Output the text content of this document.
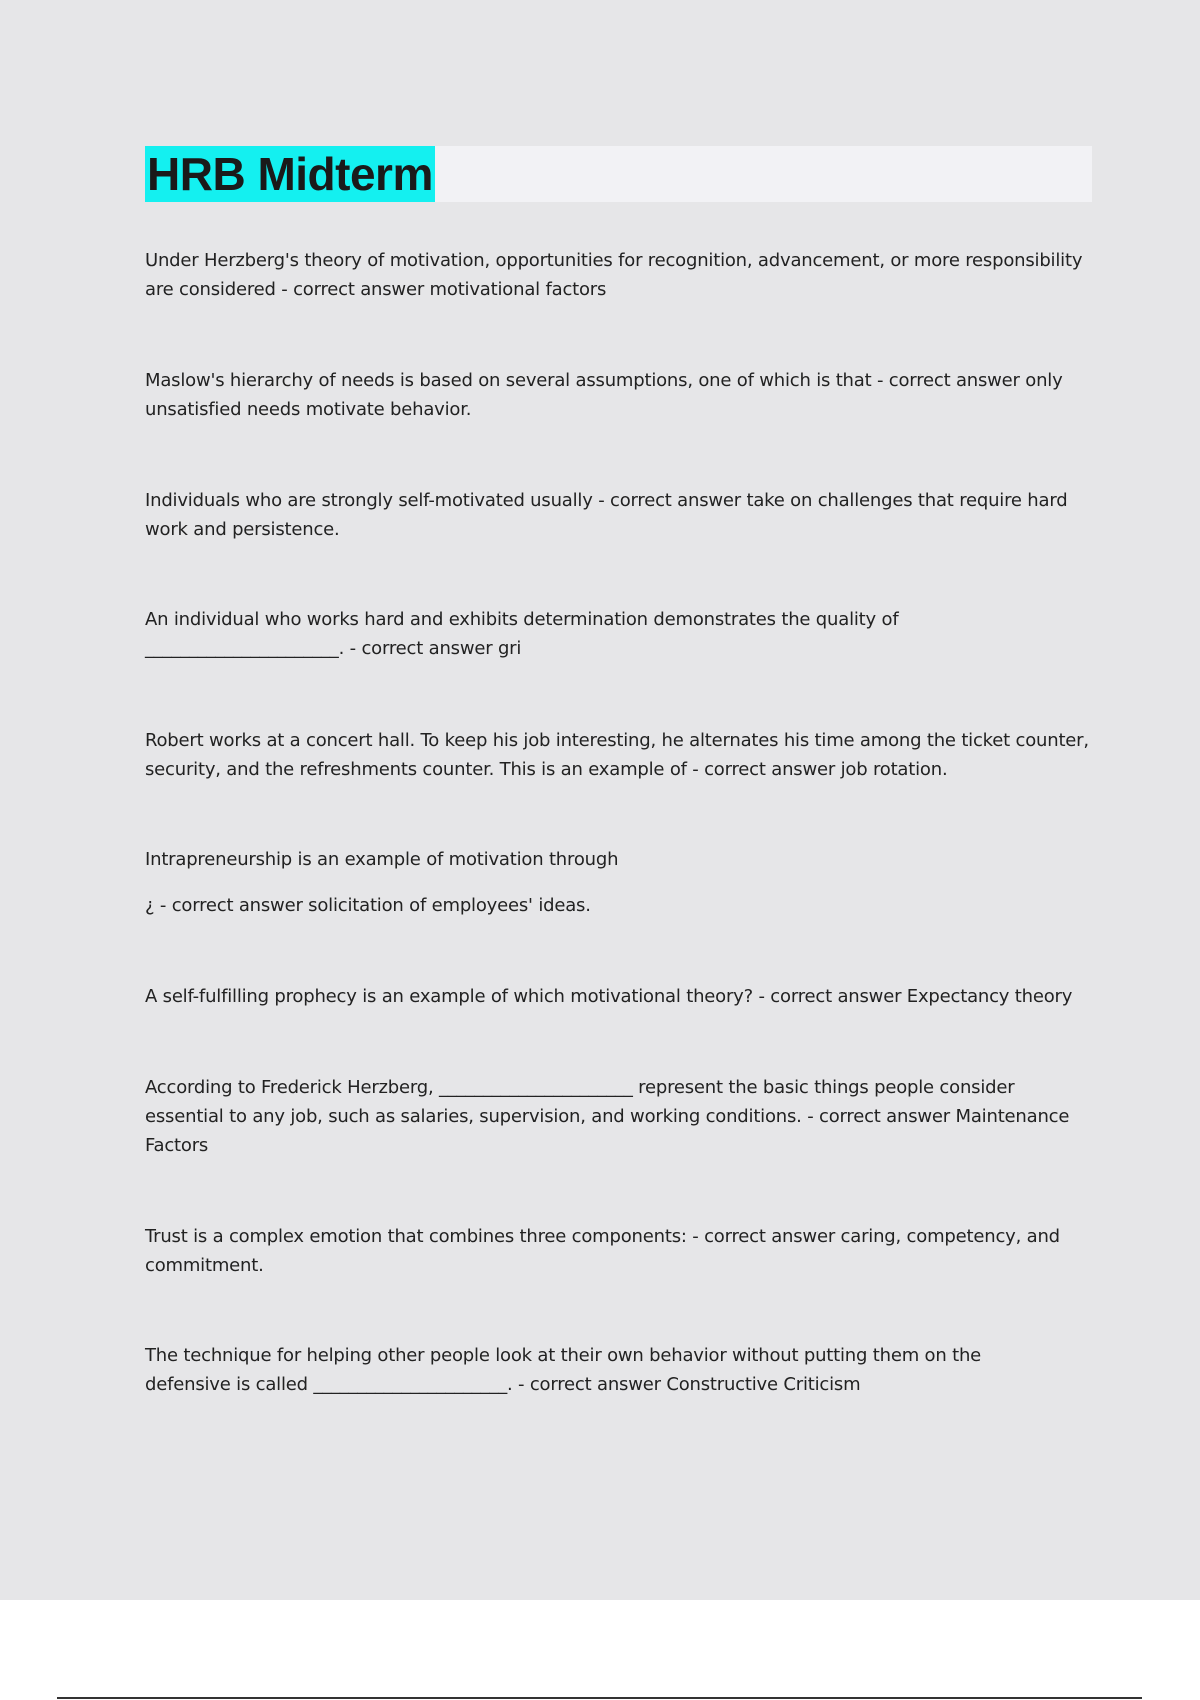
HRB Midterm

Under Herzberg's theory of motivation, opportunities for recognition, advancement, or more responsibility are considered - correct answer motivational factors

Maslow's hierarchy of needs is based on several assumptions, one of which is that - correct answer only unsatisfied needs motivate behavior.

Individuals who are strongly self-motivated usually - correct answer take on challenges that require hard work and persistence.

An individual who works hard and exhibits determination demonstrates the quality of ______________________. - correct answer gri

Robert works at a concert hall. To keep his job interesting, he alternates his time among the ticket counter, security, and the refreshments counter. This is an example of - correct answer job rotation.

Intrapreneurship is an example of motivation through

¿ - correct answer solicitation of employees' ideas.

A self-fulfilling prophecy is an example of which motivational theory? - correct answer Expectancy theory

According to Frederick Herzberg, ______________________ represent the basic things people consider essential to any job, such as salaries, supervision, and working conditions. - correct answer Maintenance Factors

Trust is a complex emotion that combines three components: - correct answer caring, competency, and commitment.

The technique for helping other people look at their own behavior without putting them on the defensive is called ______________________. - correct answer Constructive Criticism
